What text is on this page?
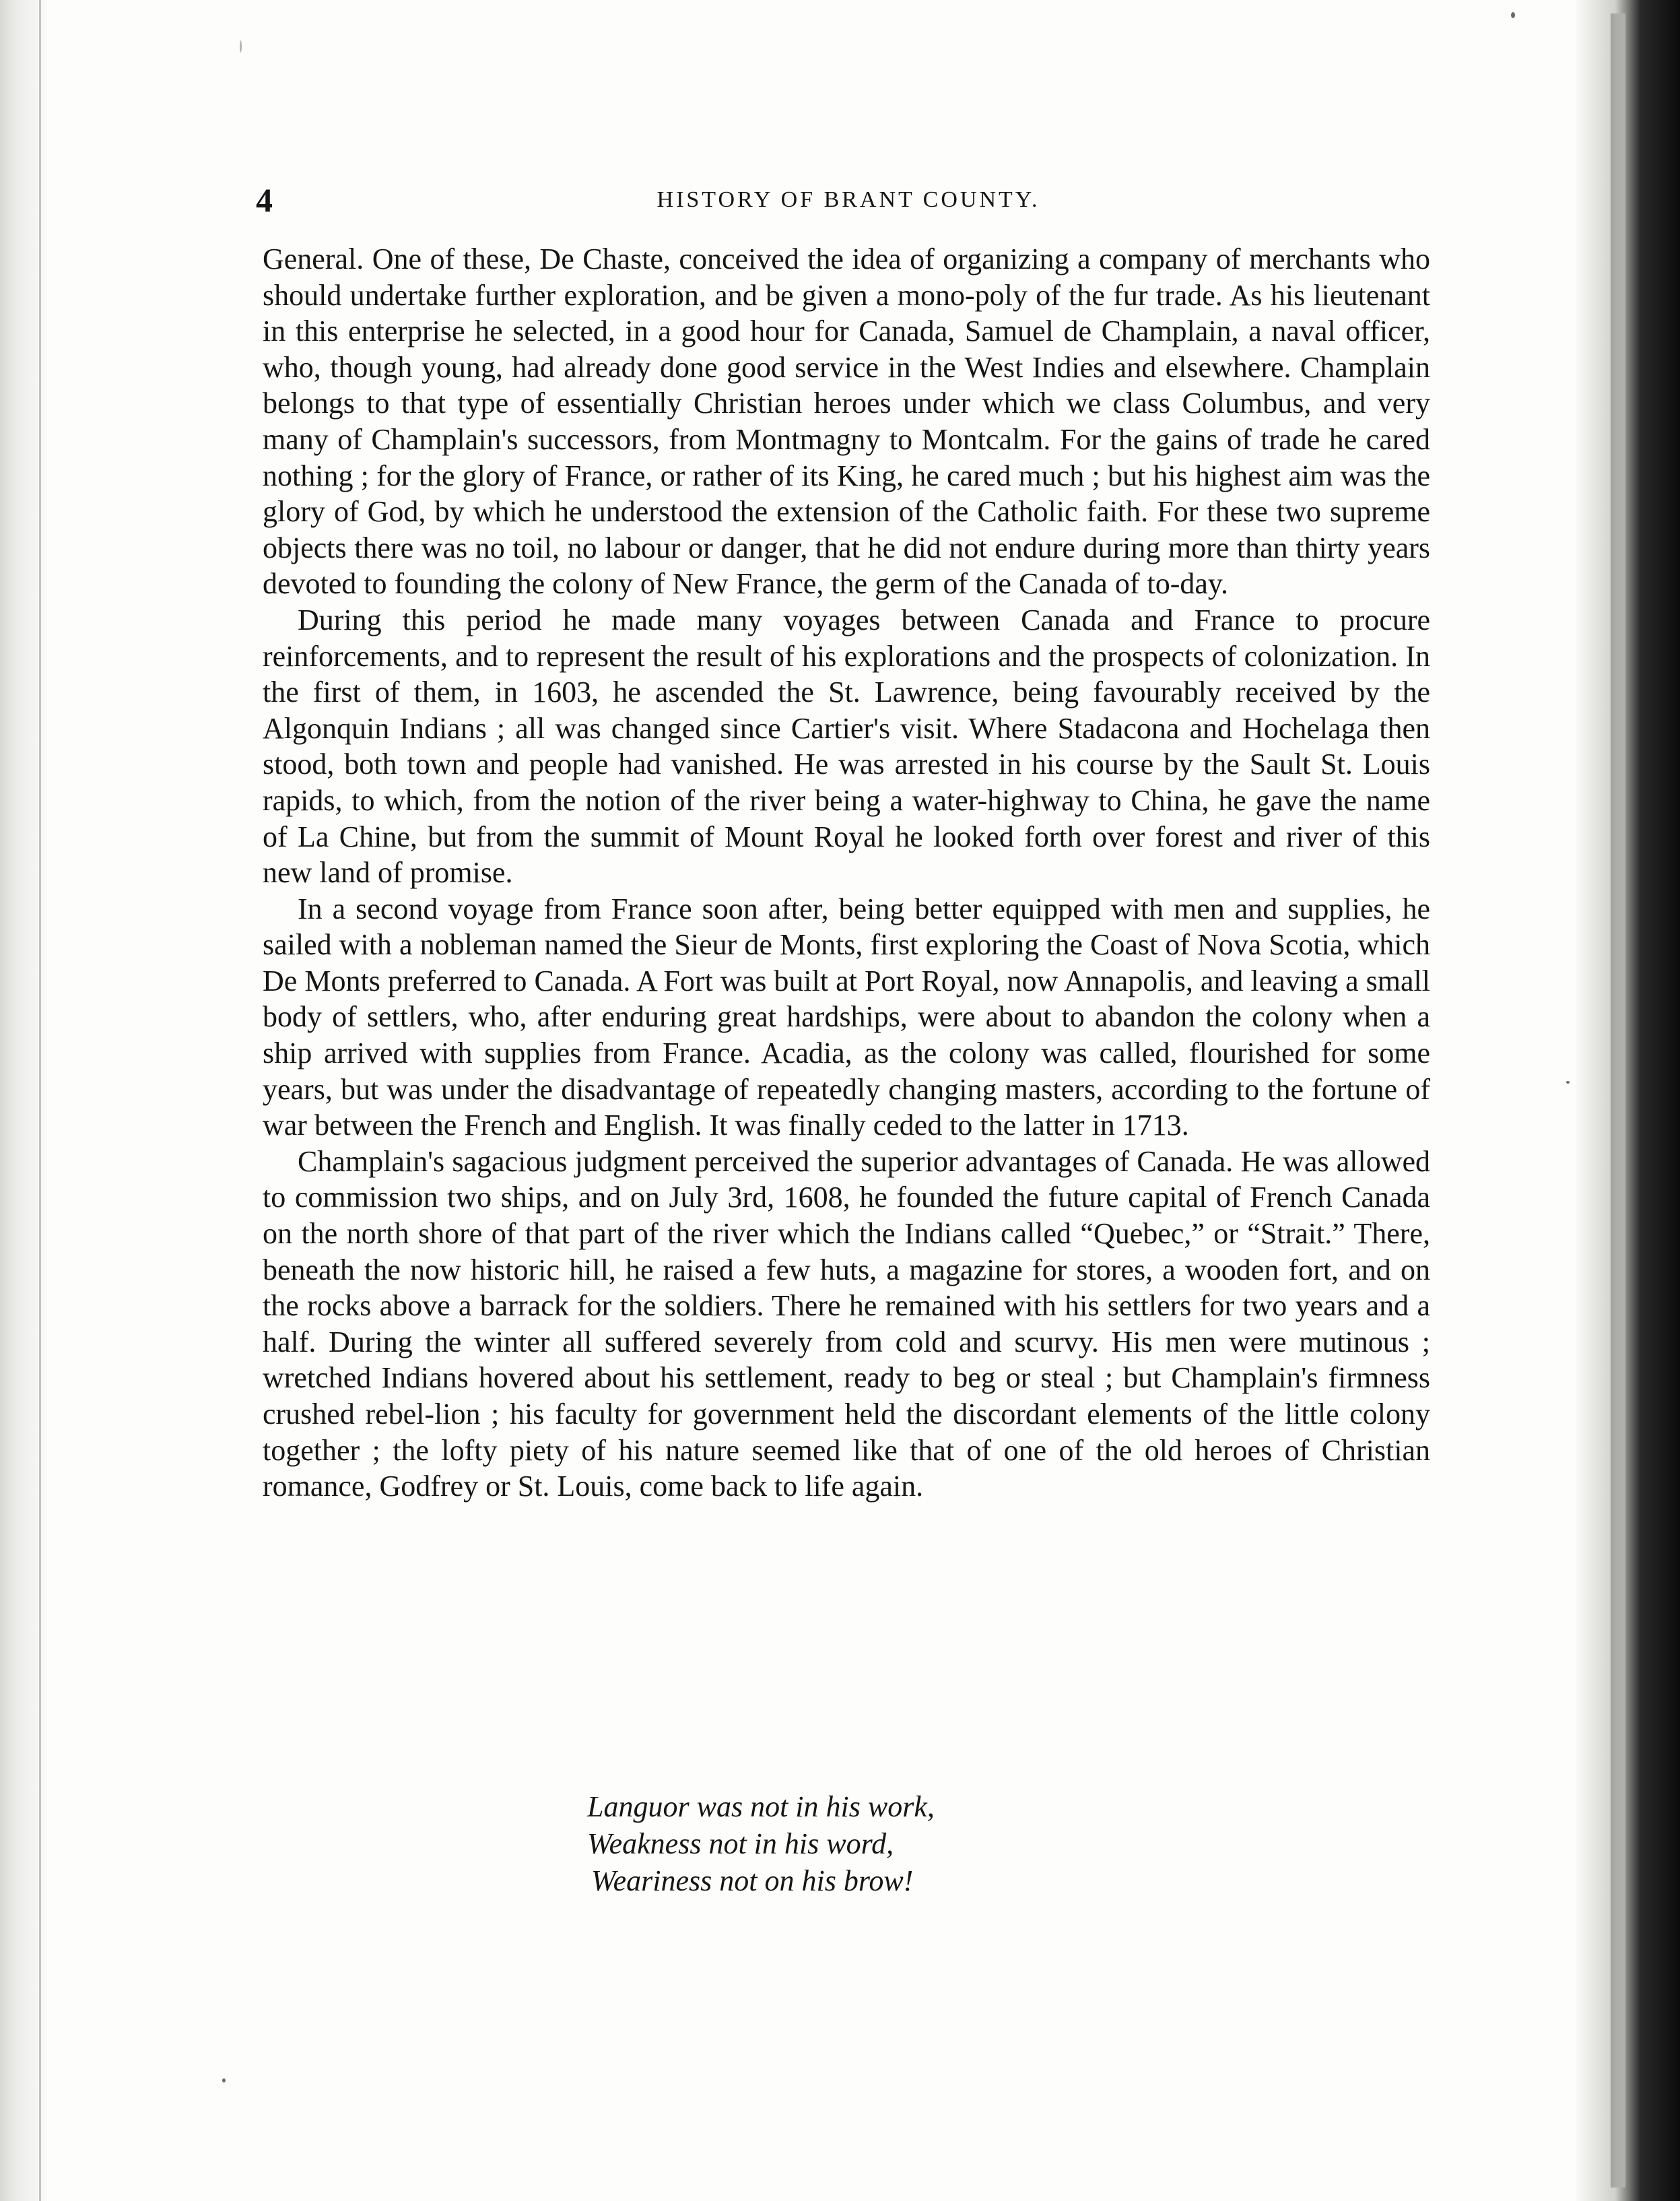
4	HISTORY OF BRANT COUNTY.

General. One of these, De Chaste, conceived the idea of organizing a company of merchants who should undertake further exploration, and be given a mono-poly of the fur trade. As his lieutenant in this enterprise he selected, in a good hour for Canada, Samuel de Champlain, a naval officer, who, though young, had already done good service in the West Indies and elsewhere. Champlain belongs to that type of essentially Christian heroes under which we class Columbus, and very many of Champlain's successors, from Montmagny to Montcalm. For the gains of trade he cared nothing ; for the glory of France, or rather of its King, he cared much ; but his highest aim was the glory of God, by which he understood the extension of the Catholic faith. For these two supreme objects there was no toil, no labour or danger, that he did not endure during more than thirty years devoted to founding the colony of New France, the germ of the Canada of to-day.

During this period he made many voyages between Canada and France to procure reinforcements, and to represent the result of his explorations and the prospects of colonization. In the first of them, in 1603, he ascended the St. Lawrence, being favourably received by the Algonquin Indians ; all was changed since Cartier's visit. Where Stadacona and Hochelaga then stood, both town and people had vanished. He was arrested in his course by the Sault St. Louis rapids, to which, from the notion of the river being a water-highway to China, he gave the name of La Chine, but from the summit of Mount Royal he looked forth over forest and river of this new land of promise.

In a second voyage from France soon after, being better equipped with men and supplies, he sailed with a nobleman named the Sieur de Monts, first exploring the Coast of Nova Scotia, which De Monts preferred to Canada. A Fort was built at Port Royal, now Annapolis, and leaving a small body of settlers, who, after enduring great hardships, were about to abandon the colony when a ship arrived with supplies from France. Acadia, as the colony was called, flourished for some years, but was under the disadvantage of repeatedly changing masters, according to the fortune of war between the French and English. It was finally ceded to the latter in 1713.

Champlain's sagacious judgment perceived the superior advantages of Canada. He was allowed to commission two ships, and on July 3rd, 1608, he founded the future capital of French Canada on the north shore of that part of the river which the Indians called “Quebec,” or “Strait.” There, beneath the now historic hill, he raised a few huts, a magazine for stores, a wooden fort, and on the rocks above a barrack for the soldiers. There he remained with his settlers for two years and a half. During the winter all suffered severely from cold and scurvy. His men were mutinous ; wretched Indians hovered about his settlement, ready to beg or steal ; but Champlain's firmness crushed rebel-lion ; his faculty for government held the discordant elements of the little colony together ; the lofty piety of his nature seemed like that of one of the old heroes of Christian romance, Godfrey or St. Louis, come back to life again.

Languor was not in his work,
Weakness not in his word,
Weariness not on his brow!
